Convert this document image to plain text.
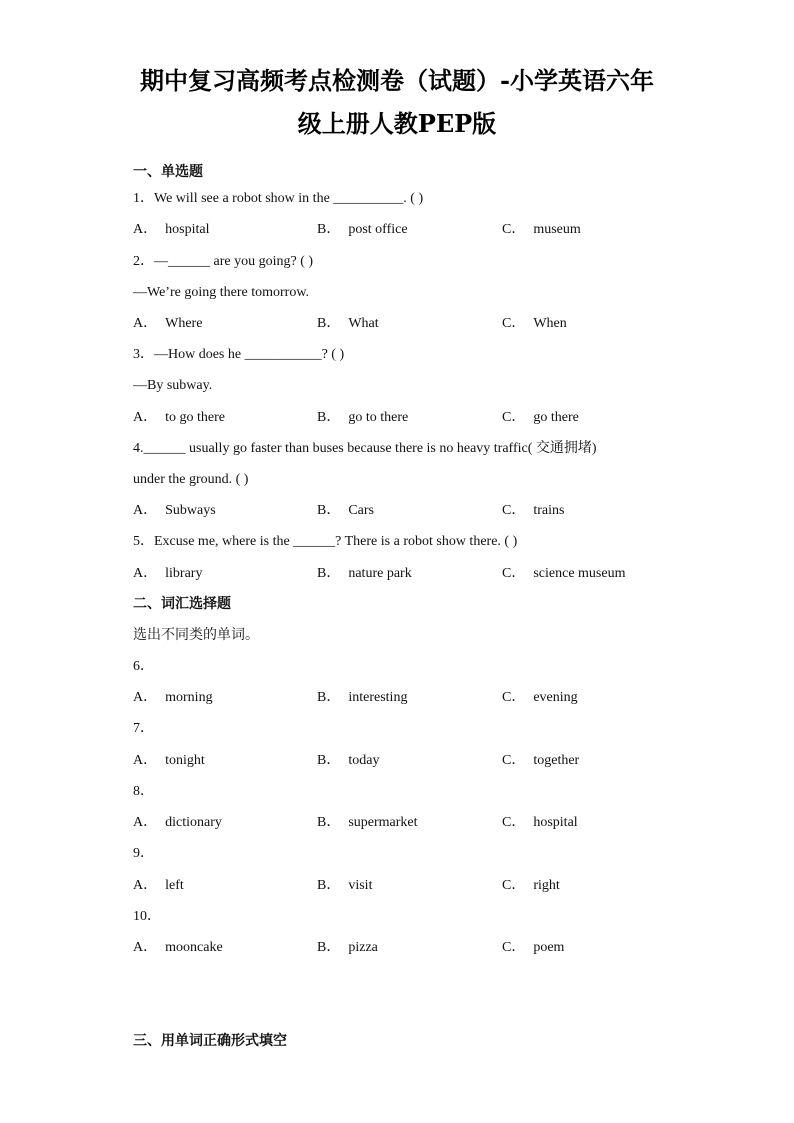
期中复习高频考点检测卷（试题）-小学英语六年
级上册人教PEP版
一、单选题
1．We will see a robot show in the __________. ( )
A． hospital	B． post office	C． museum
2．—______ are you going? ( )
—We’re going there tomorrow.
A． Where	B． What	C． When
3．—How does he ___________? ( )
—By subway.
A． to go there	B． go to there	C． go there
4.______ usually go faster than buses because there is no heavy traffic( 交通拥堵)
under the ground. ( )
A． Subways	B． Cars	C． trains
5．Excuse me, where is the ______? There is a robot show there. ( )
A． library	B． nature park	C． science museum
二、词汇选择题
选出不同类的单词。
6．
A． morning	B． interesting	C． evening
7．
A． tonight	B． today	C． together
8．
A． dictionary	B． supermarket	C． hospital
9．
A． left	B． visit	C． right
10．
A． mooncake	B． pizza	C． poem
三、用单词正确形式填空
